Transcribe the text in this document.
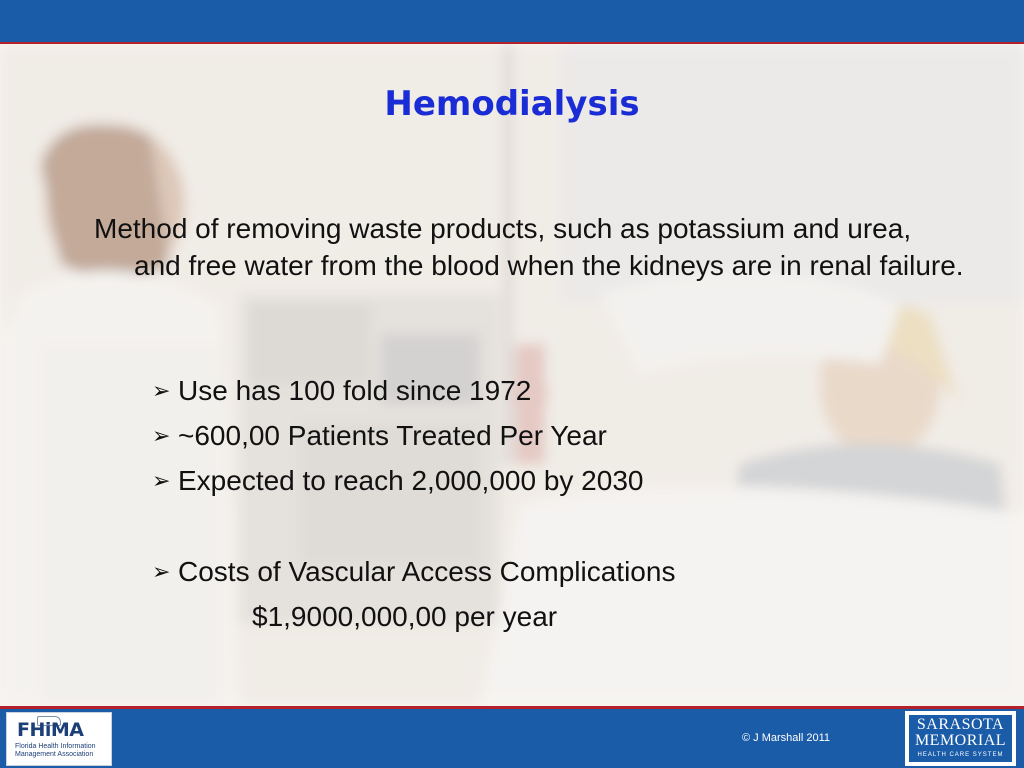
Hemodialysis

Method of removing waste products, such as potassium and urea, and free water from the blood when the kidneys are in renal failure.

➢ Use has 100 fold since 1972
➢ ~600,00 Patients Treated Per Year
➢ Expected to reach 2,000,000 by 2030
➢ Costs of Vascular Access Complications
$1,9000,000,00 per year
FHiMA
Florida Health Information Management Association
© J Marshall 2011
SARASOTA
MEMORIAL
HEALTH CARE SYSTEM
